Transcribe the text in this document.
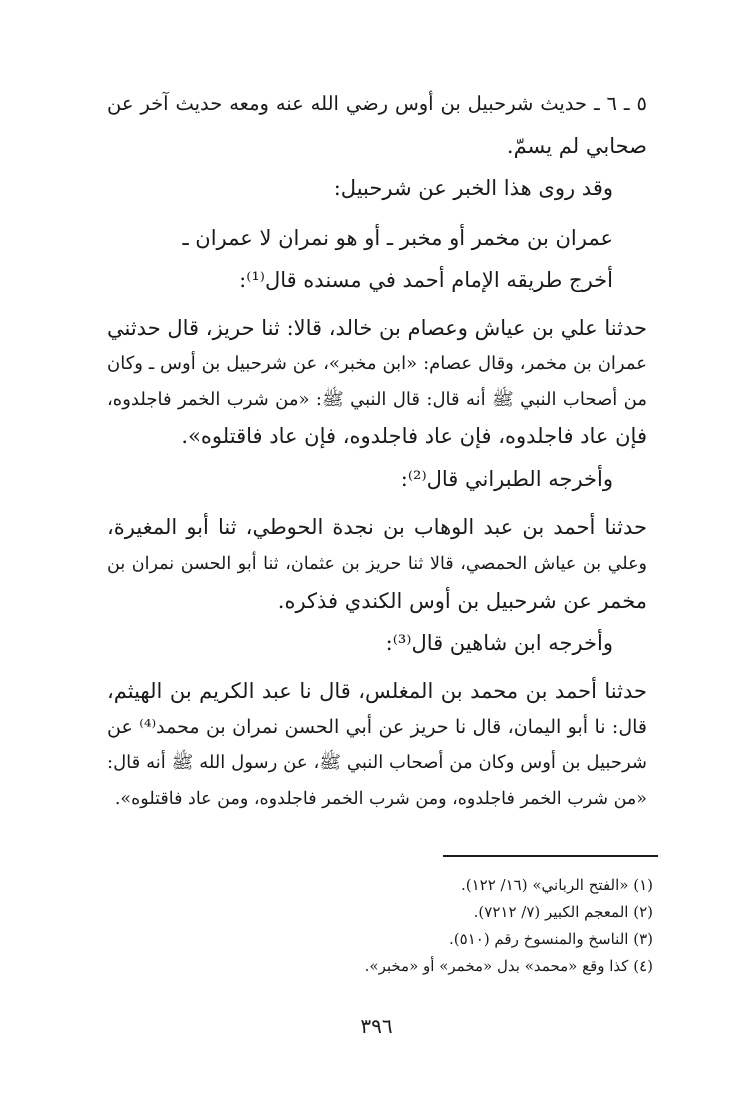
٥ ـ ٦ ـ حديث شرحبيل بن أوس رضي الله عنه ومعه حديث آخر عن
صحابي لم يسمّ.
وقد روى هذا الخبر عن شرحبيل:
عمران بن مخمر أو مخبر ـ أو هو نمران لا عمران ـ
أخرج طريقه الإمام أحمد في مسنده قال⁽¹⁾:
حدثنا علي بن عياش وعصام بن خالد، قالا: ثنا حريز، قال حدثني
عمران بن مخمر، وقال عصام: «ابن مخبر»، عن شرحبيل بن أوس ـ وكان
من أصحاب النبي ﷺ أنه قال: قال النبي ﷺ: «من شرب الخمر فاجلدوه،
فإن عاد فاجلدوه، فإن عاد فاجلدوه، فإن عاد فاقتلوه».
وأخرجه الطبراني قال⁽²⁾:
حدثنا أحمد بن عبد الوهاب بن نجدة الحوطي، ثنا أبو المغيرة،
وعلي بن عياش الحمصي، قالا ثنا حريز بن عثمان، ثنا أبو الحسن نمران بن
مخمر عن شرحبيل بن أوس الكندي فذكره.
وأخرجه ابن شاهين قال⁽³⁾:
حدثنا أحمد بن محمد بن المغلس، قال نا عبد الكريم بن الهيثم،
قال: نا أبو اليمان، قال نا حريز عن أبي الحسن نمران بن محمد⁽⁴⁾ عن
شرحبيل بن أوس وكان من أصحاب النبي ﷺ، عن رسول الله ﷺ أنه قال:
«من شرب الخمر فاجلدوه، ومن شرب الخمر فاجلدوه، ومن عاد فاقتلوه».
(١) «الفتح الرباني» (١٦/ ١٢٢).
(٢) المعجم الكبير (٧/ ٧٢١٢).
(٣) الناسخ والمنسوخ رقم (٥١٠).
(٤) كذا وقع «محمد» بدل «مخمر» أو «مخبر».
٣٩٦
